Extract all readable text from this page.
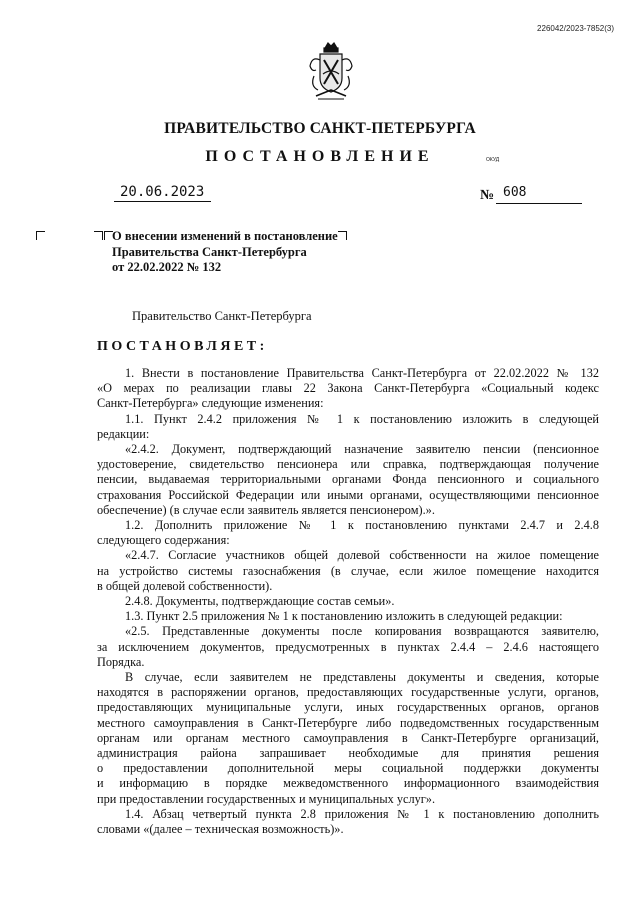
226042/2023-7852(3)
ПРАВИТЕЛЬСТВО САНКТ-ПЕТЕРБУРГА
ПОСТАНОВЛЕНИЕ	ОКУД
20.06.2023	№ 608
О внесении изменений в постановление
Правительства Санкт-Петербурга
от 22.02.2022 № 132
Правительство Санкт-Петербурга
ПОСТАНОВЛЯЕТ:
1. Внести в постановление Правительства Санкт-Петербурга от 22.02.2022 № 132
«О мерах по реализации главы 22 Закона Санкт-Петербурга «Социальный кодекс
Санкт-Петербурга» следующие изменения:
1.1. Пункт 2.4.2 приложения № 1 к постановлению изложить в следующей
редакции:
«2.4.2. Документ, подтверждающий назначение заявителю пенсии (пенсионное
удостоверение, свидетельство пенсионера или справка, подтверждающая получение
пенсии, выдаваемая территориальными органами Фонда пенсионного и социального
страхования Российской Федерации или иными органами, осуществляющими пенсионное
обеспечение) (в случае если заявитель является пенсионером).».
1.2. Дополнить приложение № 1 к постановлению пунктами 2.4.7 и 2.4.8
следующего содержания:
«2.4.7. Согласие участников общей долевой собственности на жилое помещение
на устройство системы газоснабжения (в случае, если жилое помещение находится
в общей долевой собственности).
2.4.8. Документы, подтверждающие состав семьи».
1.3. Пункт 2.5 приложения № 1 к постановлению изложить в следующей редакции:
«2.5. Представленные документы после копирования возвращаются заявителю,
за исключением документов, предусмотренных в пунктах 2.4.4 – 2.4.6 настоящего
Порядка.
В случае, если заявителем не представлены документы и сведения, которые
находятся в распоряжении органов, предоставляющих государственные услуги, органов,
предоставляющих муниципальные услуги, иных государственных органов, органов
местного самоуправления в Санкт-Петербурге либо подведомственных государственным
органам или органам местного самоуправления в Санкт-Петербурге организаций,
администрация района запрашивает необходимые для принятия решения
о предоставлении дополнительной меры социальной поддержки документы
и информацию в порядке межведомственного информационного взаимодействия
при предоставлении государственных и муниципальных услуг».
1.4. Абзац четвертый пункта 2.8 приложения № 1 к постановлению дополнить
словами «(далее – техническая возможность)».
